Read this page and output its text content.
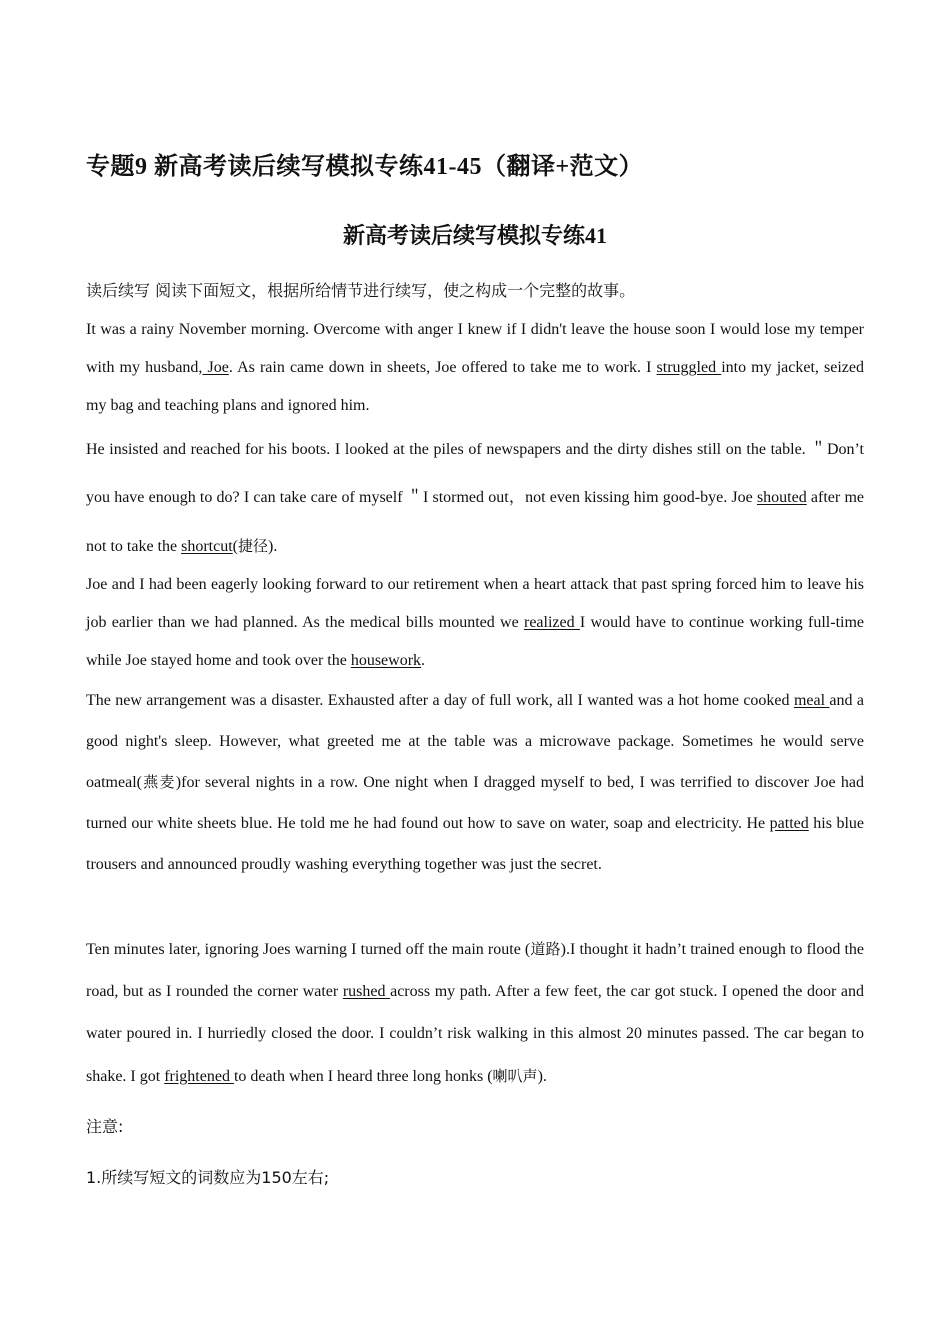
专题9 新高考读后续写模拟专练41-45（翻译+范文）
新高考读后续写模拟专练41

读后续写 阅读下面短文，根据所给情节进行续写，使之构成一个完整的故事。

It was a rainy November morning. Overcome with anger I knew if I didn't leave the house soon I would lose my temper with my husband, Joe. As rain came down in sheets, Joe offered to take me to work. I struggled into my jacket, seized my bag and teaching plans and ignored him.

He insisted and reached for his boots. I looked at the piles of newspapers and the dirty dishes still on the table. ＂Don’t you have enough to do? I can take care of myself ＂I stormed out，not even kissing him good-bye. Joe shouted after me not to take the shortcut(捷径).

Joe and I had been eagerly looking forward to our retirement when a heart attack that past spring forced him to leave his job earlier than we had planned. As the medical bills mounted we realized I would have to continue working full-time while Joe stayed home and took over the housework.

The new arrangement was a disaster. Exhausted after a day of full work, all I wanted was a hot home cooked meal and a good night's sleep. However, what greeted me at the table was a microwave package. Sometimes he would serve oatmeal(燕麦)for several nights in a row. One night when I dragged myself to bed, I was terrified to discover Joe had turned our white sheets blue. He told me he had found out how to save on water, soap and electricity. He patted his blue trousers and announced proudly washing everything together was just the secret.

Ten minutes later, ignoring Joes warning I turned off the main route (道路).I thought it hadn’t trained enough to flood the road, but as I rounded the corner water rushed across my path. After a few feet, the car got stuck. I opened the door and water poured in. I hurriedly closed the door. I couldn’t risk walking in this almost 20 minutes passed. The car began to shake. I got frightened to death when I heard three long honks (喇叭声).

注意:

1.所续写短文的词数应为150左右;
